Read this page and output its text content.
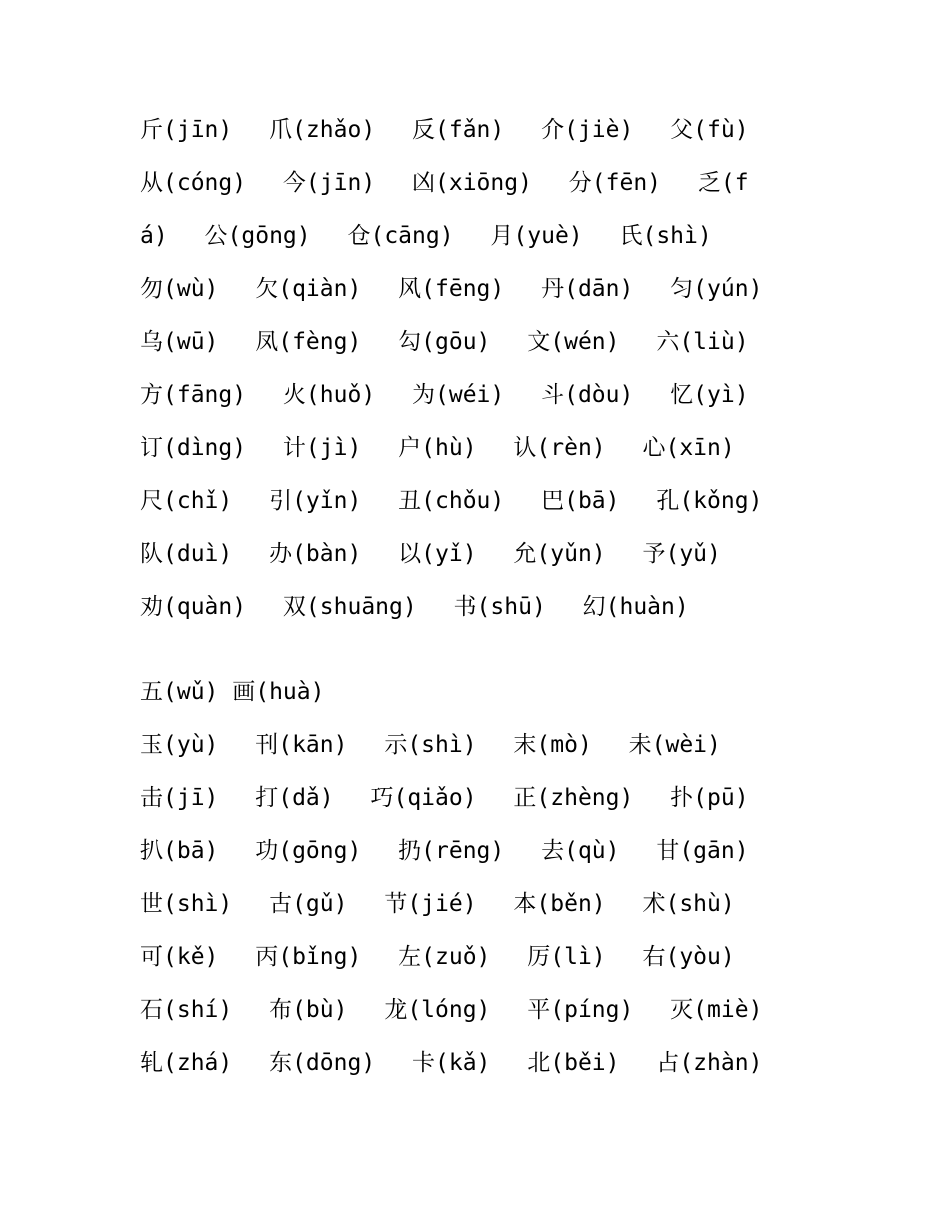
斤(jīn)　 爪(zhǎo)　 反(fǎn)　 介(jiè)　 父(fù)
从(cóng)　 今(jīn)　 凶(xiōng)　 分(fēn)　 乏(f
á)　 公(gōng)　 仓(cāng)　 月(yuè)　 氏(shì)
勿(wù)　 欠(qiàn)　 风(fēng)　 丹(dān)　 匀(yún)
乌(wū)　 凤(fèng)　 勾(gōu)　 文(wén)　 六(liù)
方(fāng)　 火(huǒ)　 为(wéi)　 斗(dòu)　 忆(yì)
订(dìng)　 计(jì)　 户(hù)　 认(rèn)　 心(xīn)
尺(chǐ)　 引(yǐn)　 丑(chǒu)　 巴(bā)　 孔(kǒng)
队(duì)　 办(bàn)　 以(yǐ)　 允(yǔn)　 予(yǔ)
劝(quàn)　 双(shuāng)　 书(shū)　 幻(huàn)
五(wǔ) 画(huà)
玉(yù)　 刊(kān)　 示(shì)　 末(mò)　 未(wèi)
击(jī)　 打(dǎ)　 巧(qiǎo)　 正(zhèng)　 扑(pū)
扒(bā)　 功(gōng)　 扔(rēng)　 去(qù)　 甘(gān)
世(shì)　 古(gǔ)　 节(jié)　 本(běn)　 术(shù)
可(kě)　 丙(bǐng)　 左(zuǒ)　 厉(lì)　 右(yòu)
石(shí)　 布(bù)　 龙(lóng)　 平(píng)　 灭(miè)
轧(zhá)　 东(dōng)　 卡(kǎ)　 北(běi)　 占(zhàn)
